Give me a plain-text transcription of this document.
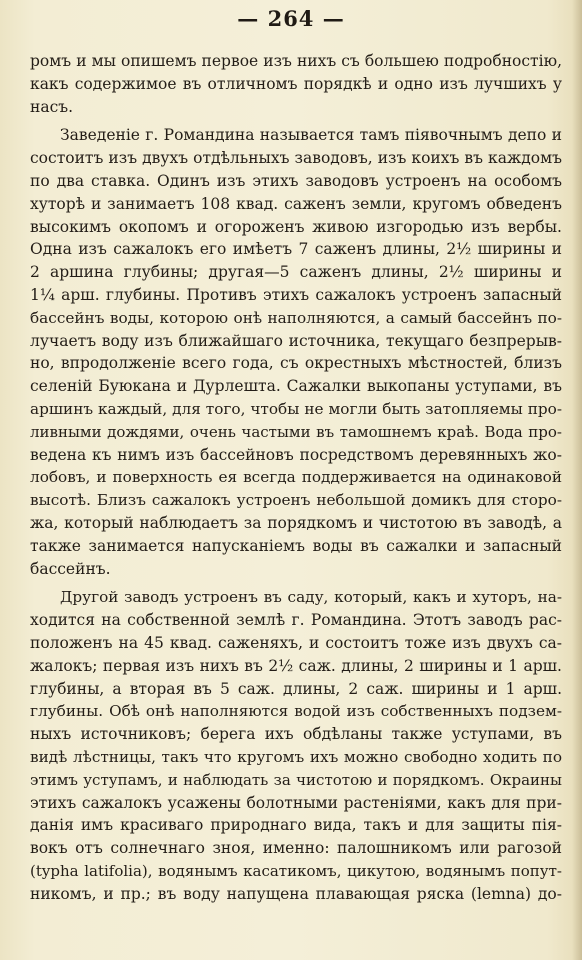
— 264 —
ромъ и мы опишемъ первое изъ нихъ съ большею подробностію,
какъ содержимое въ отличномъ порядкѣ и одно изъ лучшихъ у
насъ.
Заведеніе г. Романдина называется тамъ піявочнымъ депо и
состоитъ изъ двухъ отдѣльныхъ заводовъ, изъ коихъ въ каждомъ
по два ставка. Одинъ изъ этихъ заводовъ устроенъ на особомъ
хуторѣ и занимаетъ 108 квад. саженъ земли, кругомъ обведенъ
высокимъ окопомъ и огороженъ живою изгородью изъ вербы.
Одна изъ сажалокъ его имѣетъ 7 саженъ длины, 2½ ширины и
2 аршина глубины; другая—5 саженъ длины, 2½ ширины и
1¼ арш. глубины. Противъ этихъ сажалокъ устроенъ запасный
бассейнъ воды, которою онѣ наполняются, а самый бассейнъ по-
лучаетъ воду изъ ближайшаго источника, текущаго безпрерыв-
но, впродолженіе всего года, съ окрестныхъ мѣстностей, близъ
селеній Буюкана и Дурлешта. Сажалки выкопаны уступами, въ
аршинъ каждый, для того, чтобы не могли быть затопляемы про-
ливными дождями, очень частыми въ тамошнемъ краѣ. Вода про-
ведена къ нимъ изъ бассейновъ посредствомъ деревянныхъ жо-
лобовъ, и поверхность ея всегда поддерживается на одинаковой
высотѣ. Близъ сажалокъ устроенъ небольшой домикъ для сторо-
жа, который наблюдаетъ за порядкомъ и чистотою въ заводѣ, а
также занимается напусканіемъ воды въ сажалки и запасный
бассейнъ.
Другой заводъ устроенъ въ саду, который, какъ и хуторъ, на-
ходится на собственной землѣ г. Романдина. Этотъ заводъ рас-
положенъ на 45 квад. саженяхъ, и состоитъ тоже изъ двухъ са-
жалокъ; первая изъ нихъ въ 2½ саж. длины, 2 ширины и 1 арш.
глубины, а вторая въ 5 саж. длины, 2 саж. ширины и 1 арш.
глубины. Обѣ онѣ наполняются водой изъ собственныхъ подзем-
ныхъ источниковъ; берега ихъ обдѣланы также уступами, въ
видѣ лѣстницы, такъ что кругомъ ихъ можно свободно ходить по
этимъ уступамъ, и наблюдать за чистотою и порядкомъ. Окраины
этихъ сажалокъ усажены болотными растеніями, какъ для при-
данія имъ красиваго природнаго вида, такъ и для защиты пія-
вокъ отъ солнечнаго зноя, именно: палошникомъ или рагозой
(typha latifolia), водянымъ касатикомъ, цикутою, водянымъ попут-
никомъ, и пр.; въ воду напущена плавающая ряска (lemna) до-
